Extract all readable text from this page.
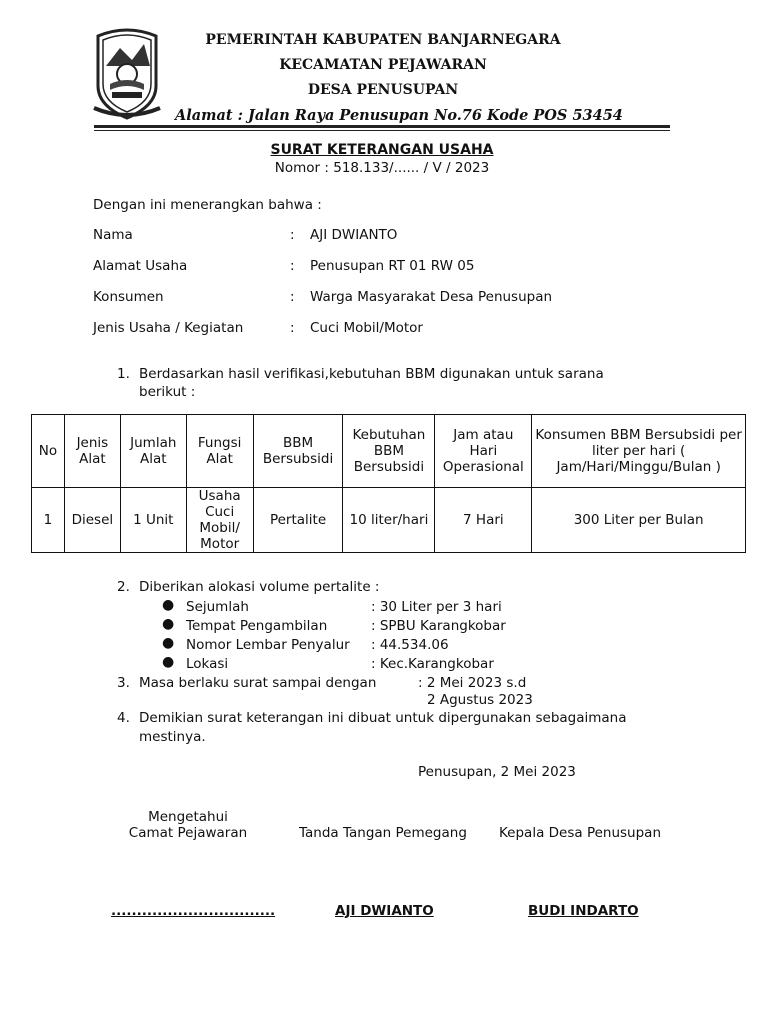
PEMERINTAH KABUPATEN BANJARNEGARA
KECAMATAN PEJAWARAN
DESA PENUSUPAN
Alamat : Jalan Raya Penusupan No.76 Kode POS 53454
SURAT KETERANGAN USAHA
Nomor : 518.133/...... / V / 2023
Dengan ini menerangkan bahwa :
Nama	: AJI DWIANTO
Alamat Usaha	: Penusupan RT 01 RW 05
Konsumen	: Warga Masyarakat Desa Penusupan
Jenis Usaha / Kegiatan	: Cuci Mobil/Motor
1. Berdasarkan hasil verifikasi,kebutuhan BBM digunakan untuk sarana
berikut :
No	Jenis Alat	Jumlah Alat	Fungsi Alat	BBM Bersubsidi	Kebutuhan BBM Bersubsidi	Jam atau Hari Operasional	Konsumen BBM Bersubsidi per liter per hari ( Jam/Hari/Minggu/Bulan )
1	Diesel	1 Unit	Usaha Cuci Mobil/ Motor	Pertalite	10 liter/hari	7 Hari	300 Liter per Bulan
2. Diberikan alokasi volume pertalite :
● Sejumlah	: 30 Liter per 3 hari
● Tempat Pengambilan	: SPBU Karangkobar
● Nomor Lembar Penyalur : 44.534.06
● Lokasi	: Kec.Karangkobar
3. Masa berlaku surat sampai dengan	: 2 Mei 2023 s.d
2 Agustus 2023
4. Demikian surat keterangan ini dibuat untuk dipergunakan sebagaimana
mestinya.
Penusupan, 2 Mei 2023
Mengetahui
Camat Pejawaran	Tanda Tangan Pemegang Kepala Desa Penusupan
................................	AJI DWIANTO	BUDI INDARTO
